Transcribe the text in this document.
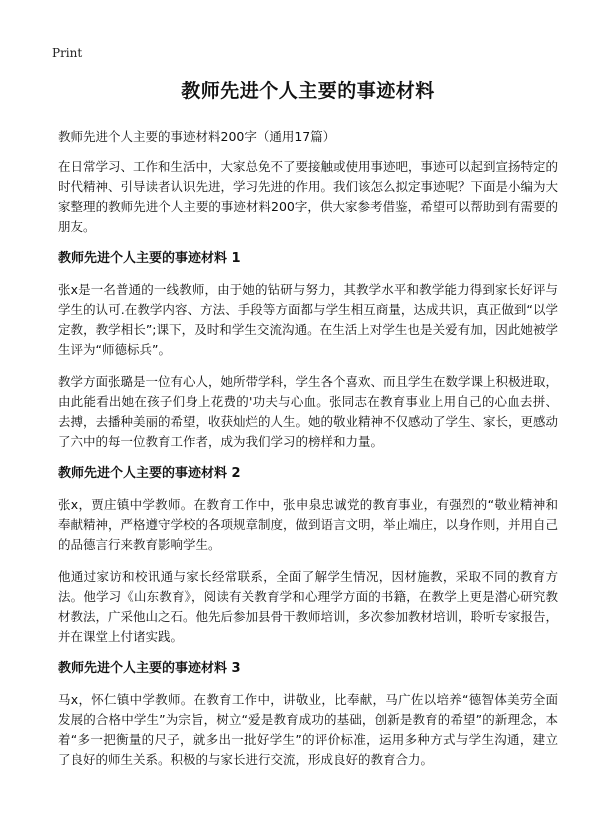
Print
教师先进个人主要的事迹材料

教师先进个人主要的事迹材料200字（通用17篇）

在日常学习、工作和生活中，大家总免不了要接触或使用事迹吧，事迹可以起到宣扬特定的时代精神、引导读者认识先进，学习先进的作用。我们该怎么拟定事迹呢？下面是小编为大家整理的教师先进个人主要的事迹材料200字，供大家参考借鉴，希望可以帮助到有需要的朋友。

教师先进个人主要的事迹材料 1

张x是一名普通的一线教师，由于她的钻研与努力，其教学水平和教学能力得到家长好评与学生的认可.在教学内容、方法、手段等方面都与学生相互商量，达成共识，真正做到“以学定教，教学相长”;课下，及时和学生交流沟通。在生活上对学生也是关爱有加，因此她被学生评为“师德标兵”。

教学方面张璐是一位有心人，她所带学科，学生各个喜欢、而且学生在数学课上积极进取，由此能看出她在孩子们身上花费的'功夫与心血。张同志在教育事业上用自己的心血去拼、去搏，去播种美丽的希望，收获灿烂的人生。她的敬业精神不仅感动了学生、家长，更感动了六中的每一位教育工作者，成为我们学习的榜样和力量。

教师先进个人主要的事迹材料 2

张x，贾庄镇中学教师。在教育工作中，张申泉忠诚党的教育事业，有强烈的“敬业精神和奉献精神，严格遵守学校的各项规章制度，做到语言文明，举止端庄，以身作则，并用自己的品德言行来教育影响学生。

他通过家访和校讯通与家长经常联系，全面了解学生情况，因材施教，采取不同的教育方法。他学习《山东教育》，阅读有关教育学和心理学方面的书籍，在教学上更是潜心研究教材教法，广采他山之石。他先后参加县骨干教师培训，多次参加教材培训，聆听专家报告，并在课堂上付诸实践。

教师先进个人主要的事迹材料 3

马x，怀仁镇中学教师。在教育工作中，讲敬业，比奉献，马广佐以培养“德智体美劳全面发展的合格中学生”为宗旨，树立“爱是教育成功的基础，创新是教育的希望”的新理念，本着“多一把衡量的尺子，就多出一批好学生”的评价标准，运用多种方式与学生沟通，建立了良好的师生关系。积极的与家长进行交流，形成良好的教育合力。
